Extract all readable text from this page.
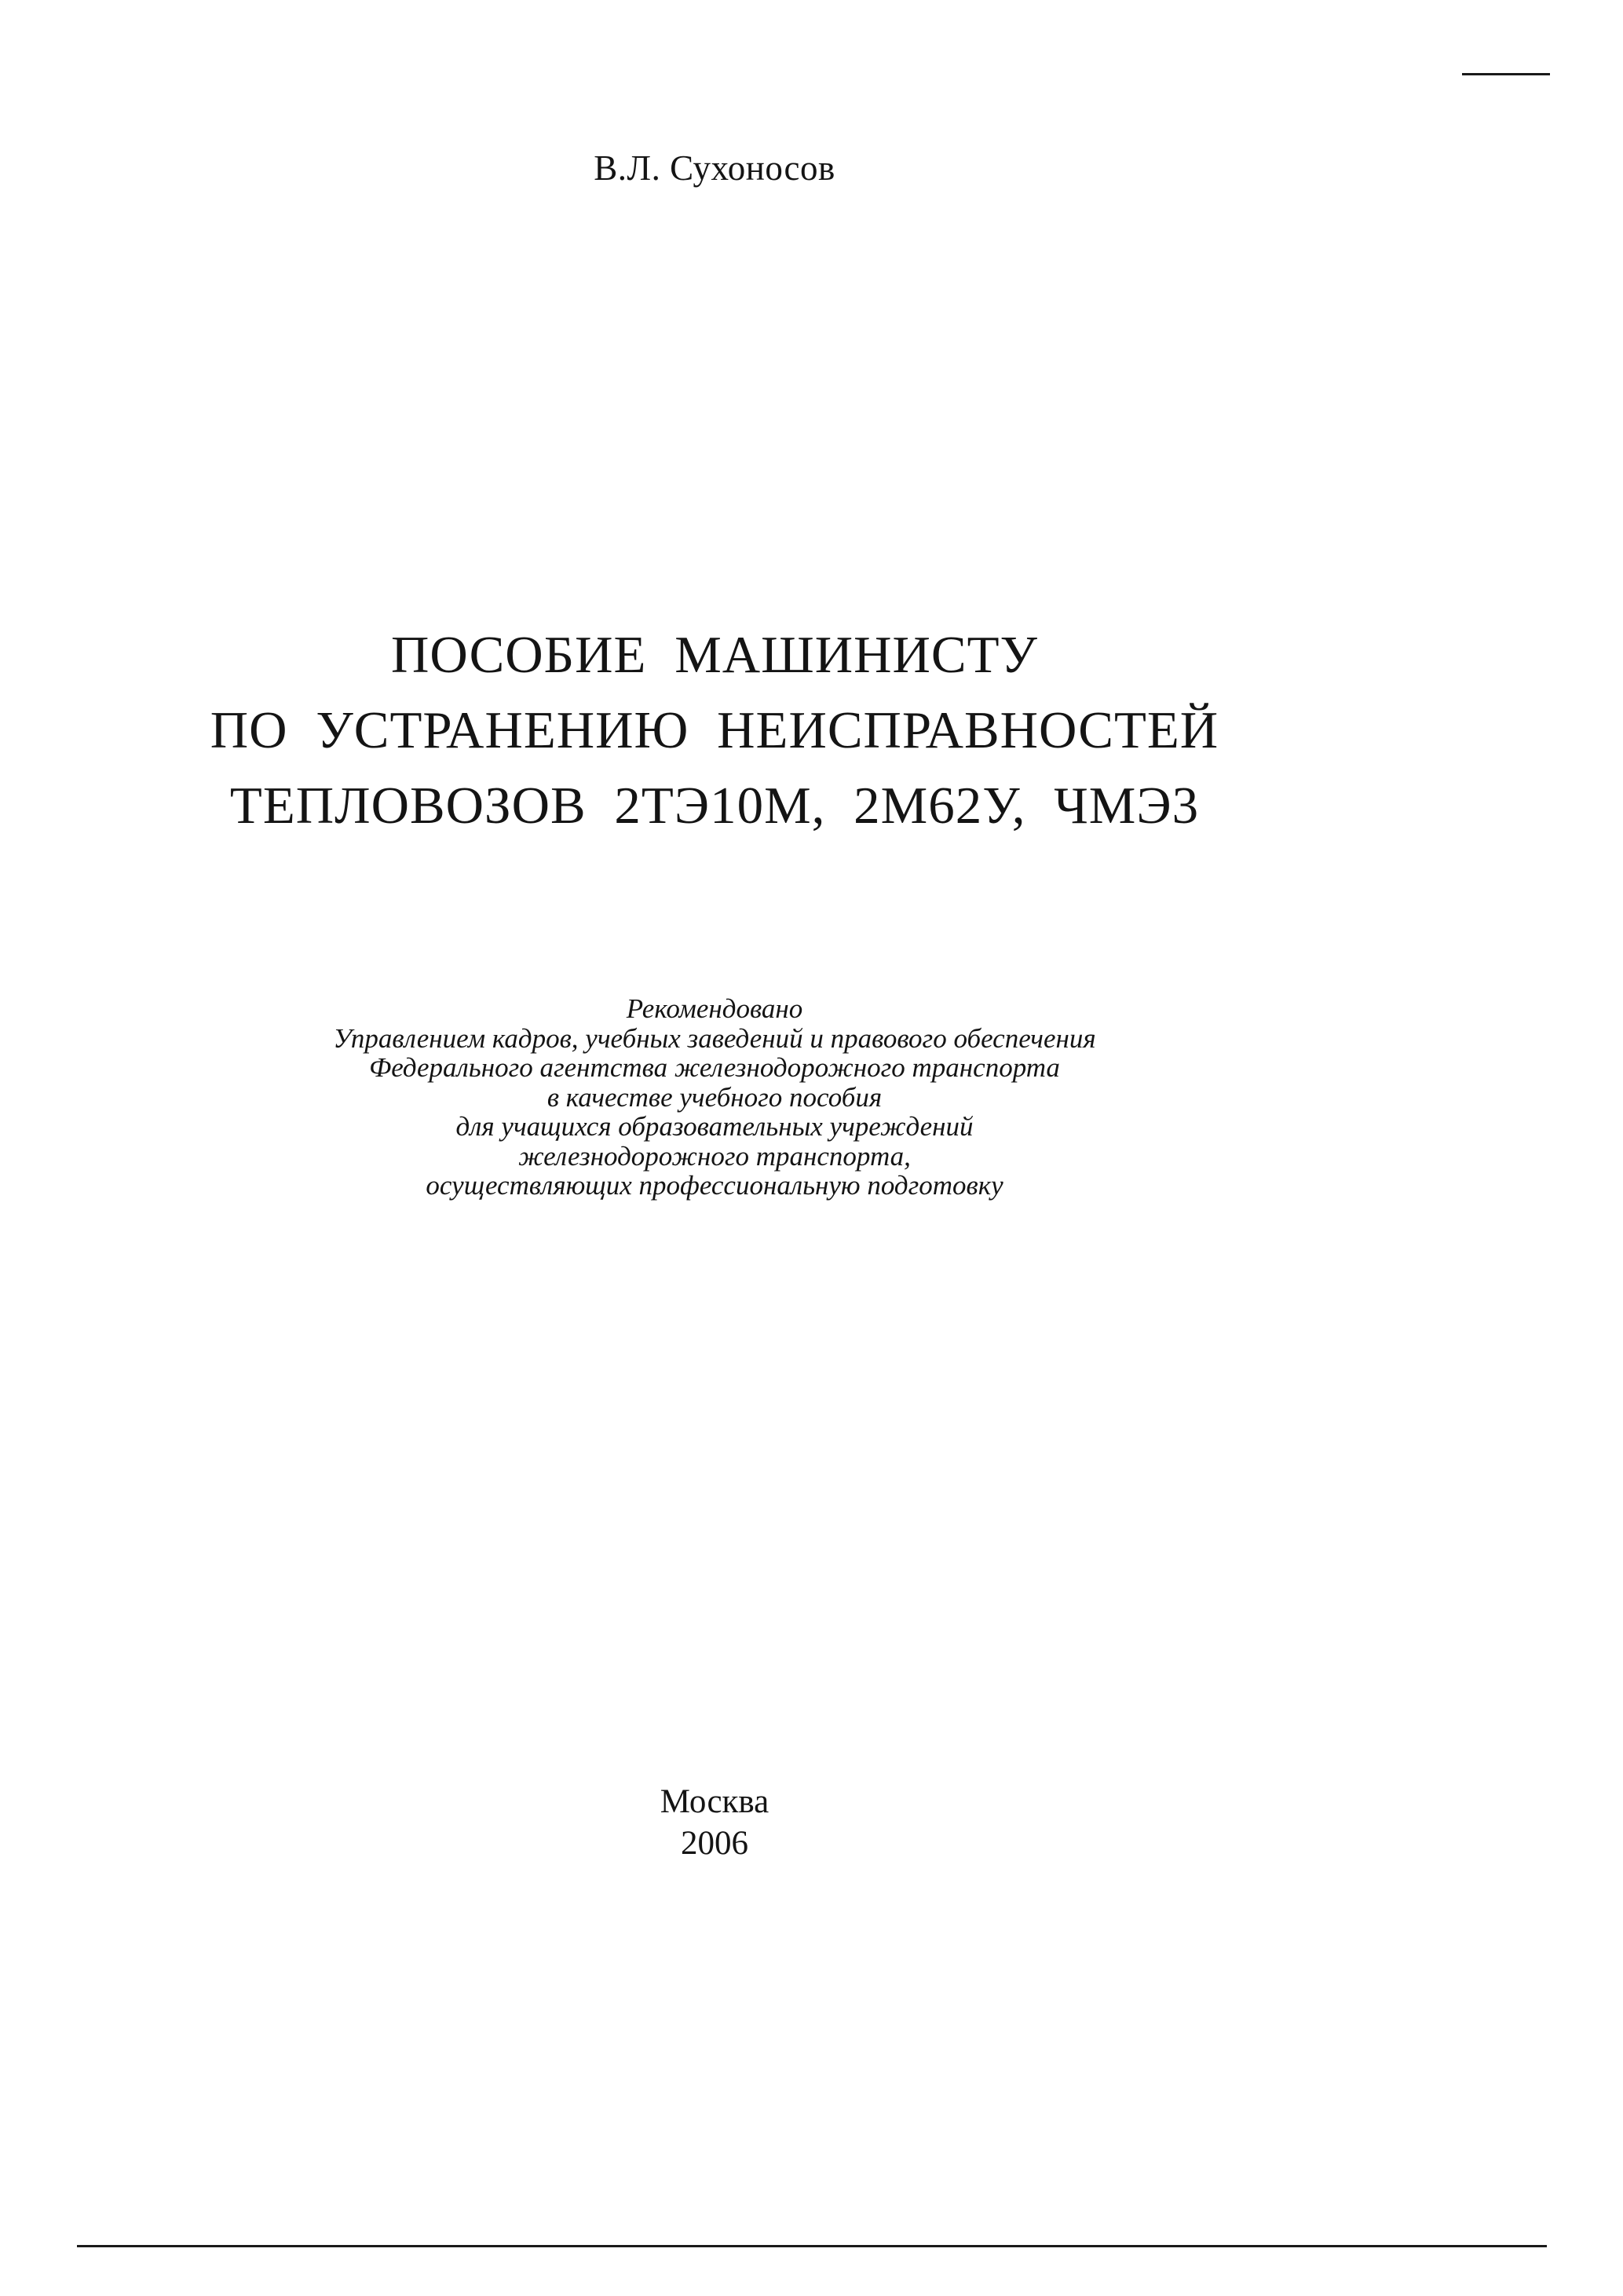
В.Л. Сухоносов
ПОСОБИЕ МАШИНИСТУ
ПО УСТРАНЕНИЮ НЕИСПРАВНОСТЕЙ
ТЕПЛОВОЗОВ 2ТЭ10М, 2М62У, ЧМЭ3
Рекомендовано
Управлением кадров, учебных заведений и правового обеспечения
Федерального агентства железнодорожного транспорта
в качестве учебного пособия
для учащихся образовательных учреждений
железнодорожного транспорта,
осуществляющих профессиональную подготовку
Москва
2006
